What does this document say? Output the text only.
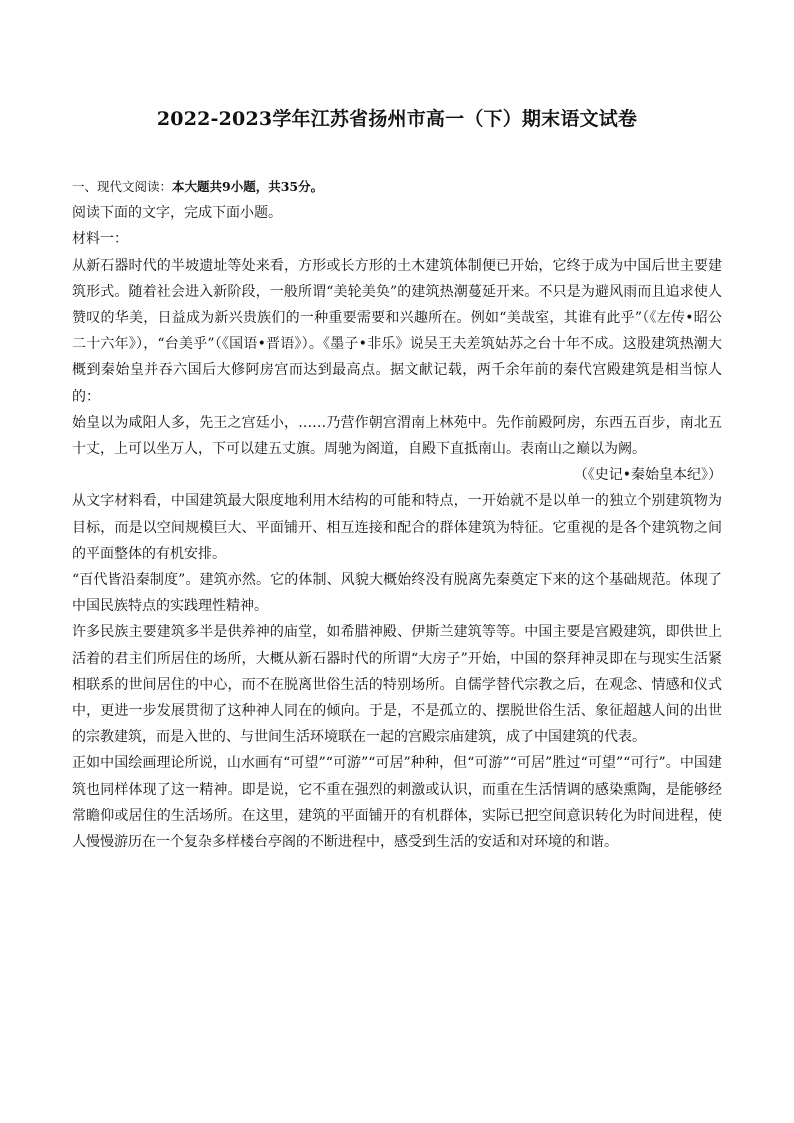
2022-2023学年江苏省扬州市高一（下）期末语文试卷

一、现代文阅读：本大题共9小题，共35分。

阅读下面的文字，完成下面小题。

材料一：

从新石器时代的半坡遗址等处来看，方形或长方形的土木建筑体制便已开始，它终于成为中国后世主要建筑形式。随着社会进入新阶段，一般所谓“美轮美奂”的建筑热潮蔓延开来。不只是为避风雨而且追求使人赞叹的华美，日益成为新兴贵族们的一种重要需要和兴趣所在。例如“美哉室，其谁有此乎”（《左传•昭公二十六年》），“台美乎”（《国语•晋语》）。《墨子•非乐》说吴王夫差筑姑苏之台十年不成。这股建筑热潮大概到秦始皇并吞六国后大修阿房宫而达到最高点。据文献记载，两千余年前的秦代宫殿建筑是相当惊人的：

始皇以为咸阳人多，先王之宫廷小，……乃营作朝宫渭南上林苑中。先作前殿阿房，东西五百步，南北五十丈，上可以坐万人，下可以建五丈旗。周驰为阁道，自殿下直抵南山。表南山之巅以为阙。

（《史记•秦始皇本纪》）

从文字材料看，中国建筑最大限度地利用木结构的可能和特点，一开始就不是以单一的独立个别建筑物为目标，而是以空间规模巨大、平面铺开、相互连接和配合的群体建筑为特征。它重视的是各个建筑物之间的平面整体的有机安排。

“百代皆沿秦制度”。建筑亦然。它的体制、风貌大概始终没有脱离先秦奠定下来的这个基础规范。体现了中国民族特点的实践理性精神。

许多民族主要建筑多半是供养神的庙堂，如希腊神殿、伊斯兰建筑等等。中国主要是宫殿建筑，即供世上活着的君主们所居住的场所，大概从新石器时代的所谓“大房子”开始，中国的祭拜神灵即在与现实生活紧相联系的世间居住的中心，而不在脱离世俗生活的特别场所。自儒学替代宗教之后，在观念、情感和仪式中，更进一步发展贯彻了这种神人同在的倾向。于是，不是孤立的、摆脱世俗生活、象征超越人间的出世的宗教建筑，而是入世的、与世间生活环境联在一起的宫殿宗庙建筑，成了中国建筑的代表。

正如中国绘画理论所说，山水画有“可望”“可游”“可居”种种，但“可游”“可居”胜过“可望”“可行”。中国建筑也同样体现了这一精神。即是说，它不重在强烈的刺激或认识，而重在生活情调的感染熏陶，是能够经常瞻仰或居住的生活场所。在这里，建筑的平面铺开的有机群体，实际已把空间意识转化为时间进程，使人慢慢游历在一个复杂多样楼台亭阁的不断进程中，感受到生活的安适和对环境的和谐。
